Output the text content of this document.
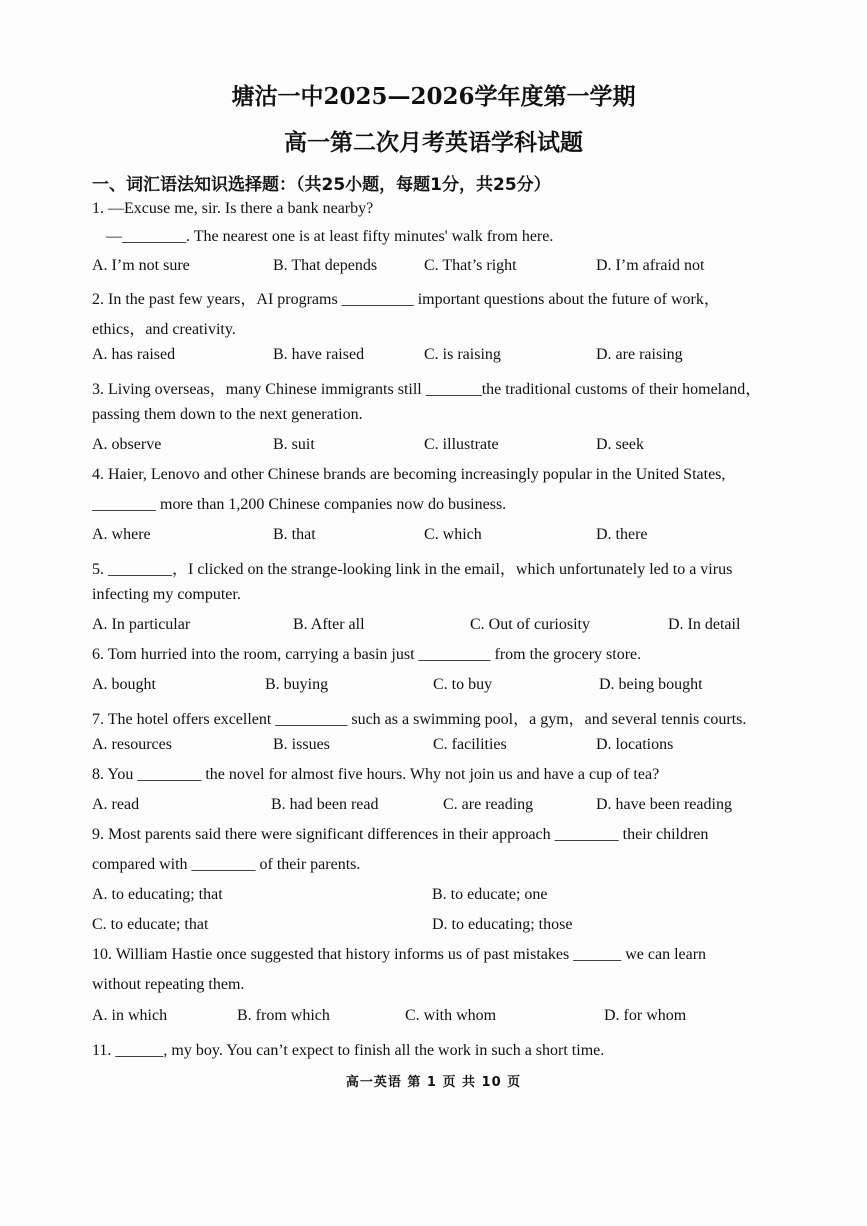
塘沽一中2025—2026学年度第一学期
高一第二次月考英语学科试题
一、词汇语法知识选择题：（共25小题，每题1分，共25分）
1. —Excuse me, sir. Is there a bank nearby?
—________. The nearest one is at least fifty minutes' walk from here.
A. I’m not sure	B. That depends	C. That’s right	D. I’m afraid not
2. In the past few years，AI programs _________ important questions about the future of work，
ethics，and creativity.
A. has raised	B. have raised	C. is raising	D. are raising
3. Living overseas，many Chinese immigrants still _______the traditional customs of their homeland，
passing them down to the next generation.
A. observe	B. suit	C. illustrate	D. seek
4. Haier, Lenovo and other Chinese brands are becoming increasingly popular in the United States,
________ more than 1,200 Chinese companies now do business.
A. where	B. that	C. which	D. there
5. ________，I clicked on the strange-looking link in the email，which unfortunately led to a virus
infecting my computer.
A. In particular	B. After all	C. Out of curiosity	D. In detail
6. Tom hurried into the room, carrying a basin just _________ from the grocery store.
A. bought	B. buying	C. to buy	D. being bought
7. The hotel offers excellent _________ such as a swimming pool，a gym，and several tennis courts.
A. resources	B. issues	C. facilities	D. locations
8. You ________ the novel for almost five hours. Why not join us and have a cup of tea?
A. read	B. had been read	C. are reading	D. have been reading
9. Most parents said there were significant differences in their approach ________ their children
compared with ________ of their parents.
A. to educating; that	B. to educate; one
C. to educate; that	D. to educating; those
10. William Hastie once suggested that history informs us of past mistakes ______ we can learn
without repeating them.
A. in which	B. from which	C. with whom	D. for whom
11. ______, my boy. You can’t expect to finish all the work in such a short time.
高一英语 第 1 页 共 10 页
